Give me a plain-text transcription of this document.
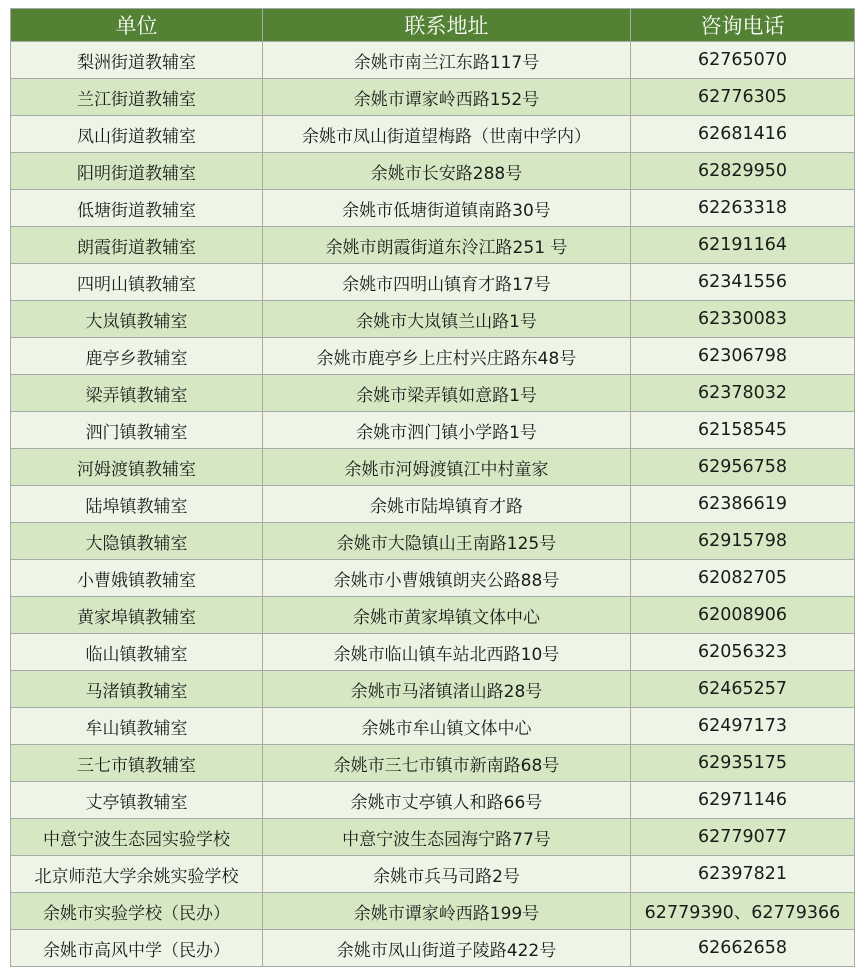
单位	联系地址	咨询电话
梨洲街道教辅室	余姚市南兰江东路117号	62765070
兰江街道教辅室	余姚市谭家岭西路152号	62776305
凤山街道教辅室	余姚市凤山街道望梅路（世南中学内）	62681416
阳明街道教辅室	余姚市长安路288号	62829950
低塘街道教辅室	余姚市低塘街道镇南路30号	62263318
朗霞街道教辅室	余姚市朗霞街道东泠江路251 号	62191164
四明山镇教辅室	余姚市四明山镇育才路17号	62341556
大岚镇教辅室	余姚市大岚镇兰山路1号	62330083
鹿亭乡教辅室	余姚市鹿亭乡上庄村兴庄路东48号	62306798
梁弄镇教辅室	余姚市梁弄镇如意路1号	62378032
泗门镇教辅室	余姚市泗门镇小学路1号	62158545
河姆渡镇教辅室	余姚市河姆渡镇江中村童家	62956758
陆埠镇教辅室	余姚市陆埠镇育才路	62386619
大隐镇教辅室	余姚市大隐镇山王南路125号	62915798
小曹娥镇教辅室	余姚市小曹娥镇朗夹公路88号	62082705
黄家埠镇教辅室	余姚市黄家埠镇文体中心	62008906
临山镇教辅室	余姚市临山镇车站北西路10号	62056323
马渚镇教辅室	余姚市马渚镇渚山路28号	62465257
牟山镇教辅室	余姚市牟山镇文体中心	62497173
三七市镇教辅室	余姚市三七市镇市新南路68号	62935175
丈亭镇教辅室	余姚市丈亭镇人和路66号	62971146
中意宁波生态园实验学校	中意宁波生态园海宁路77号	62779077
北京师范大学余姚实验学校	余姚市兵马司路2号	62397821
余姚市实验学校（民办）	余姚市谭家岭西路199号	62779390、62779366
余姚市高风中学（民办）	余姚市凤山街道子陵路422号	62662658
